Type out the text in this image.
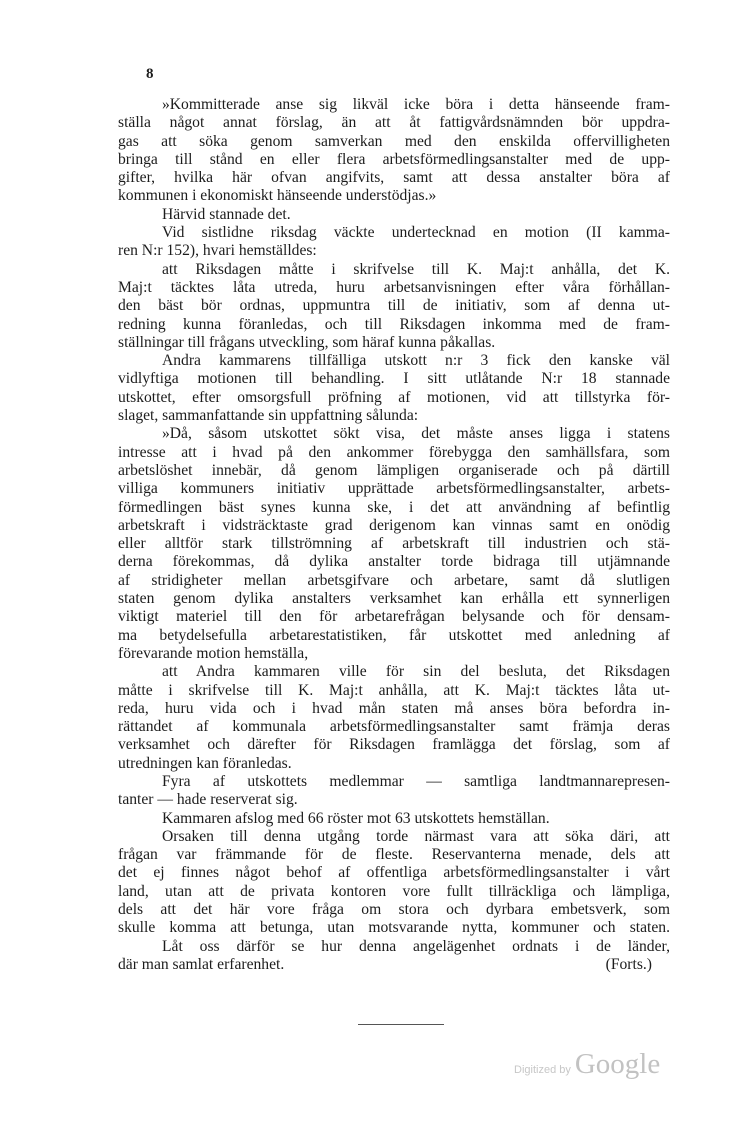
8
»Kommitterade anse sig likväl icke böra i detta hänseende fram-
ställa något annat förslag, än att åt fattigvårdsnämnden bör uppdra-
gas att söka genom samverkan med den enskilda offervilligheten
bringa till stånd en eller flera arbetsförmedlingsanstalter med de upp-
gifter, hvilka här ofvan angifvits, samt att dessa anstalter böra af
kommunen i ekonomiskt hänseende understödjas.»
Härvid stannade det.
Vid sistlidne riksdag väckte undertecknad en motion (II kamma-
ren N:r 152), hvari hemställdes:
att Riksdagen måtte i skrifvelse till K. Maj:t anhålla, det K.
Maj:t täcktes låta utreda, huru arbetsanvisningen efter våra förhållan-
den bäst bör ordnas, uppmuntra till de initiativ, som af denna ut-
redning kunna föranledas, och till Riksdagen inkomma med de fram-
ställningar till frågans utveckling, som häraf kunna påkallas.
Andra kammarens tillfälliga utskott n:r 3 fick den kanske väl
vidlyftiga motionen till behandling. I sitt utlåtande N:r 18 stannade
utskottet, efter omsorgsfull pröfning af motionen, vid att tillstyrka för-
slaget, sammanfattande sin uppfattning sålunda:
»Då, såsom utskottet sökt visa, det måste anses ligga i statens
intresse att i hvad på den ankommer förebygga den samhällsfara, som
arbetslöshet innebär, då genom lämpligen organiserade och på därtill
villiga kommuners initiativ upprättade arbetsförmedlingsanstalter, arbets-
förmedlingen bäst synes kunna ske, i det att användning af befintlig
arbetskraft i vidsträcktaste grad derigenom kan vinnas samt en onödig
eller alltför stark tillströmning af arbetskraft till industrien och stä-
derna förekommas, då dylika anstalter torde bidraga till utjämnande
af stridigheter mellan arbetsgifvare och arbetare, samt då slutligen
staten genom dylika anstalters verksamhet kan erhålla ett synnerligen
viktigt materiel till den för arbetarefrågan belysande och för densam-
ma betydelsefulla arbetarestatistiken, får utskottet med anledning af
förevarande motion hemställa,
att Andra kammaren ville för sin del besluta, det Riksdagen
måtte i skrifvelse till K. Maj:t anhålla, att K. Maj:t täcktes låta ut-
reda, huru vida och i hvad mån staten må anses böra befordra in-
rättandet af kommunala arbetsförmedlingsanstalter samt främja deras
verksamhet och därefter för Riksdagen framlägga det förslag, som af
utredningen kan föranledas.
Fyra af utskottets medlemmar — samtliga landtmannarepresen-
tanter — hade reserverat sig.
Kammaren afslog med 66 röster mot 63 utskottets hemställan.
Orsaken till denna utgång torde närmast vara att söka däri, att
frågan var främmande för de fleste. Reservanterna menade, dels att
det ej finnes något behof af offentliga arbetsförmedlingsanstalter i vårt
land, utan att de privata kontoren vore fullt tillräckliga och lämpliga,
dels att det här vore fråga om stora och dyrbara embetsverk, som
skulle komma att betunga, utan motsvarande nytta, kommuner och staten.
Låt oss därför se hur denna angelägenhet ordnats i de länder,
där man samlat erfarenhet.	(Forts.)
Digitized by Google
